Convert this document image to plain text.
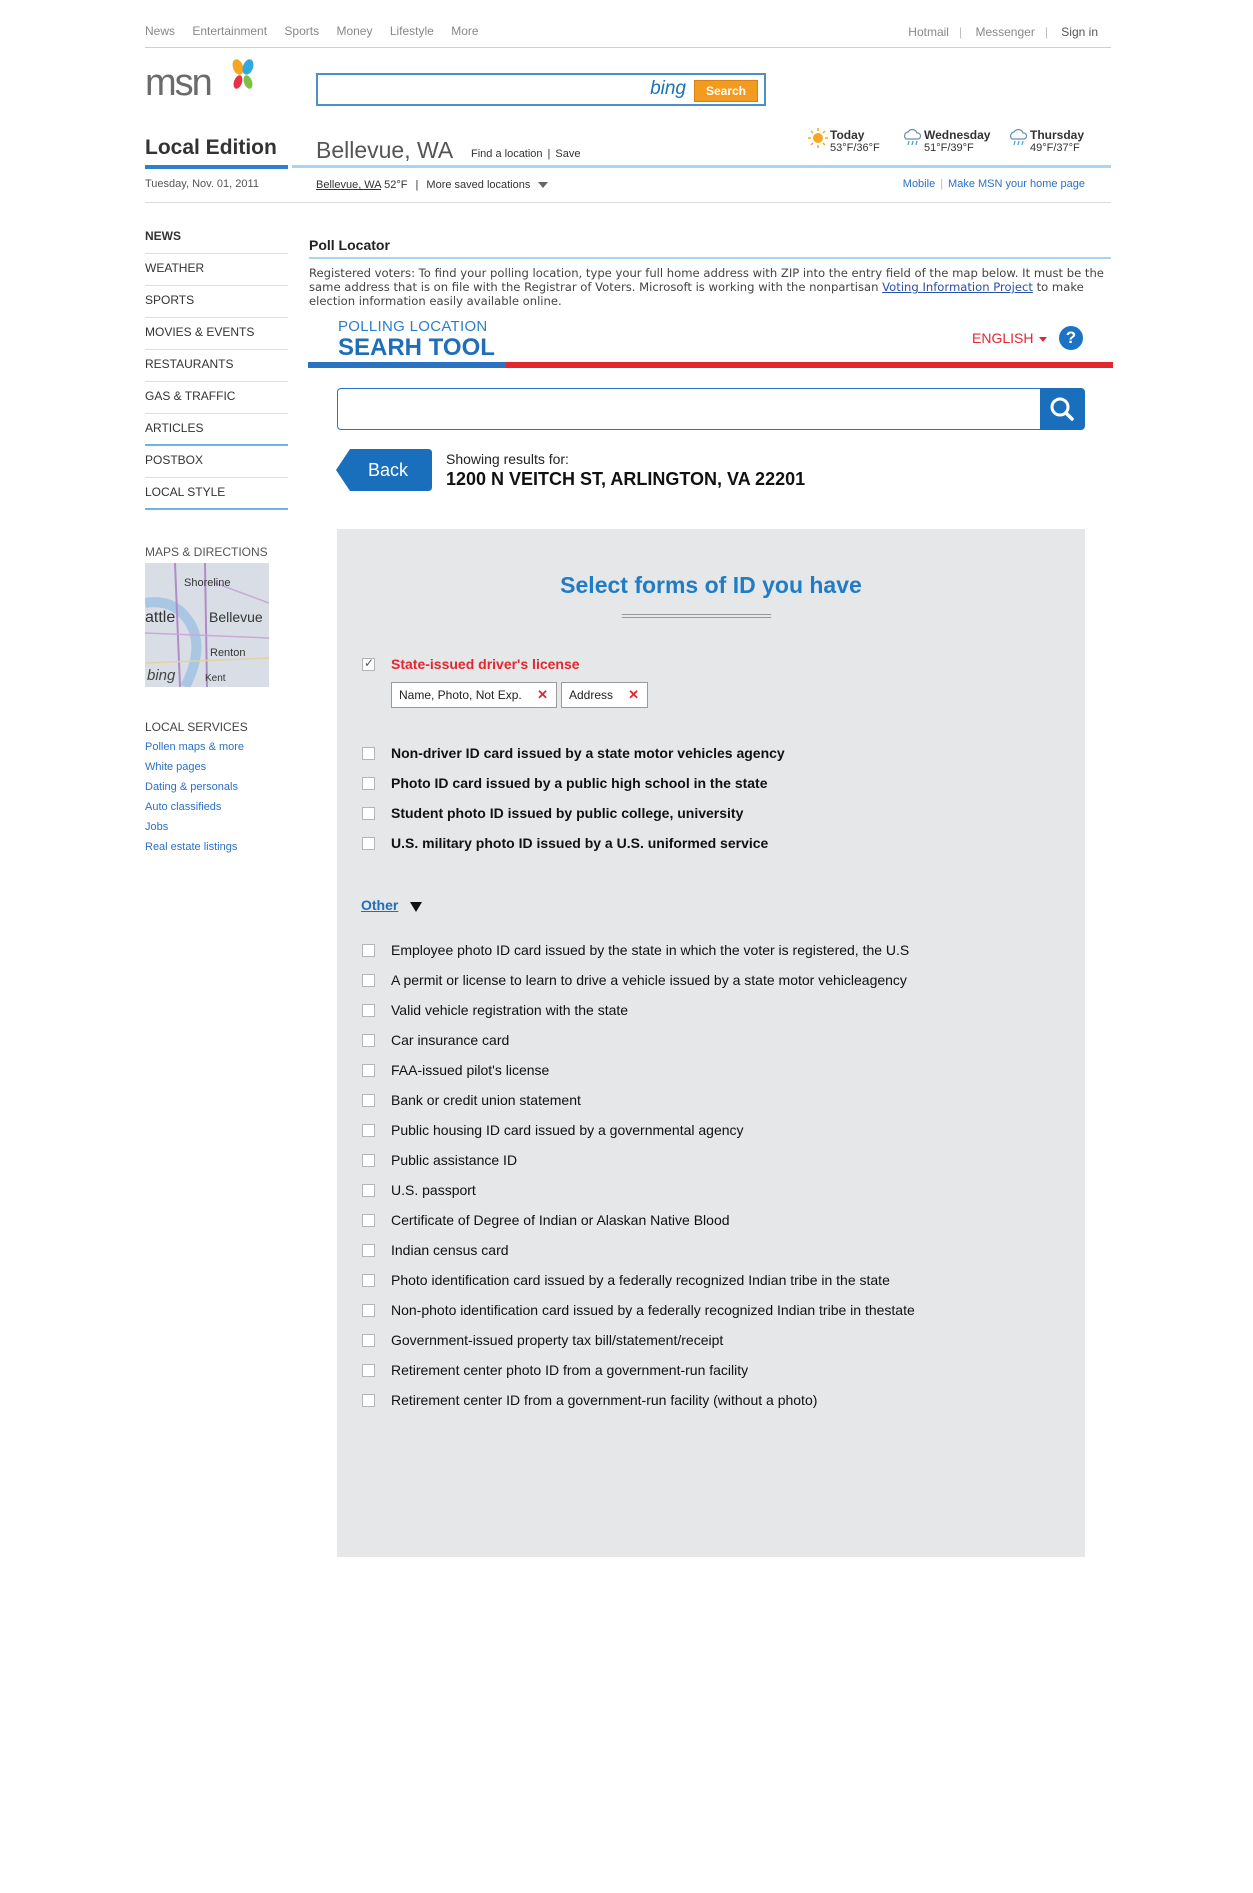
News Entertainment Sports Money Lifestyle More	Hotmail | Messenger | Sign in
msn	bing	Search
Local Edition Bellevue, WA Find a location | Save
Today
53°F/36°F
Wednesday
51°F/39°F
Thursday
49°F/37°F
Tuesday, Nov. 01, 2011	Bellevue, WA 52°F | More saved locations	Mobile | Make MSN your home page
NEWS
WEATHER
SPORTS
MOVIES & EVENTS
RESTAURANTS
GAS & TRAFFIC
ARTICLES
POSTBOX
LOCAL STYLE
MAPS & DIRECTIONS
Shoreline
attle Bellevue
Renton
Kent
bing
LOCAL SERVICES
Pollen maps & more
White pages
Dating & personals
Auto classifieds
Jobs
Real estate listings
Poll Locator
Registered voters: To find your polling location, type your full home address with ZIP into the entry field of the map below. It must be the same address that is on file with the Registrar of Voters. Microsoft is working with the nonpartisan Voting Information Project to make election information easily available online.
POLLING LOCATION
SEARH TOOL	ENGLISH	?
Back
Showing results for:
1200 N VEITCH ST, ARLINGTON, VA 22201
Select forms of ID you have
✓
State-issued driver's license
Name, Photo, Not Exp. ✕	Address ✕
Non-driver ID card issued by a state motor vehicles agency
Photo ID card issued by a public high school in the state
Student photo ID issued by public college, university
U.S. military photo ID issued by a U.S. uniformed service
Other
Employee photo ID card issued by the state in which the voter is registered, the U.S
A permit or license to learn to drive a vehicle issued by a state motor vehicleagency
Valid vehicle registration with the state
Car insurance card
FAA-issued pilot's license
Bank or credit union statement
Public housing ID card issued by a governmental agency
Public assistance ID
U.S. passport
Certificate of Degree of Indian or Alaskan Native Blood
Indian census card
Photo identification card issued by a federally recognized Indian tribe in the state
Non-photo identification card issued by a federally recognized Indian tribe in thestate
Government-issued property tax bill/statement/receipt
Retirement center photo ID from a government-run facility
Retirement center ID from a government-run facility (without a photo)
